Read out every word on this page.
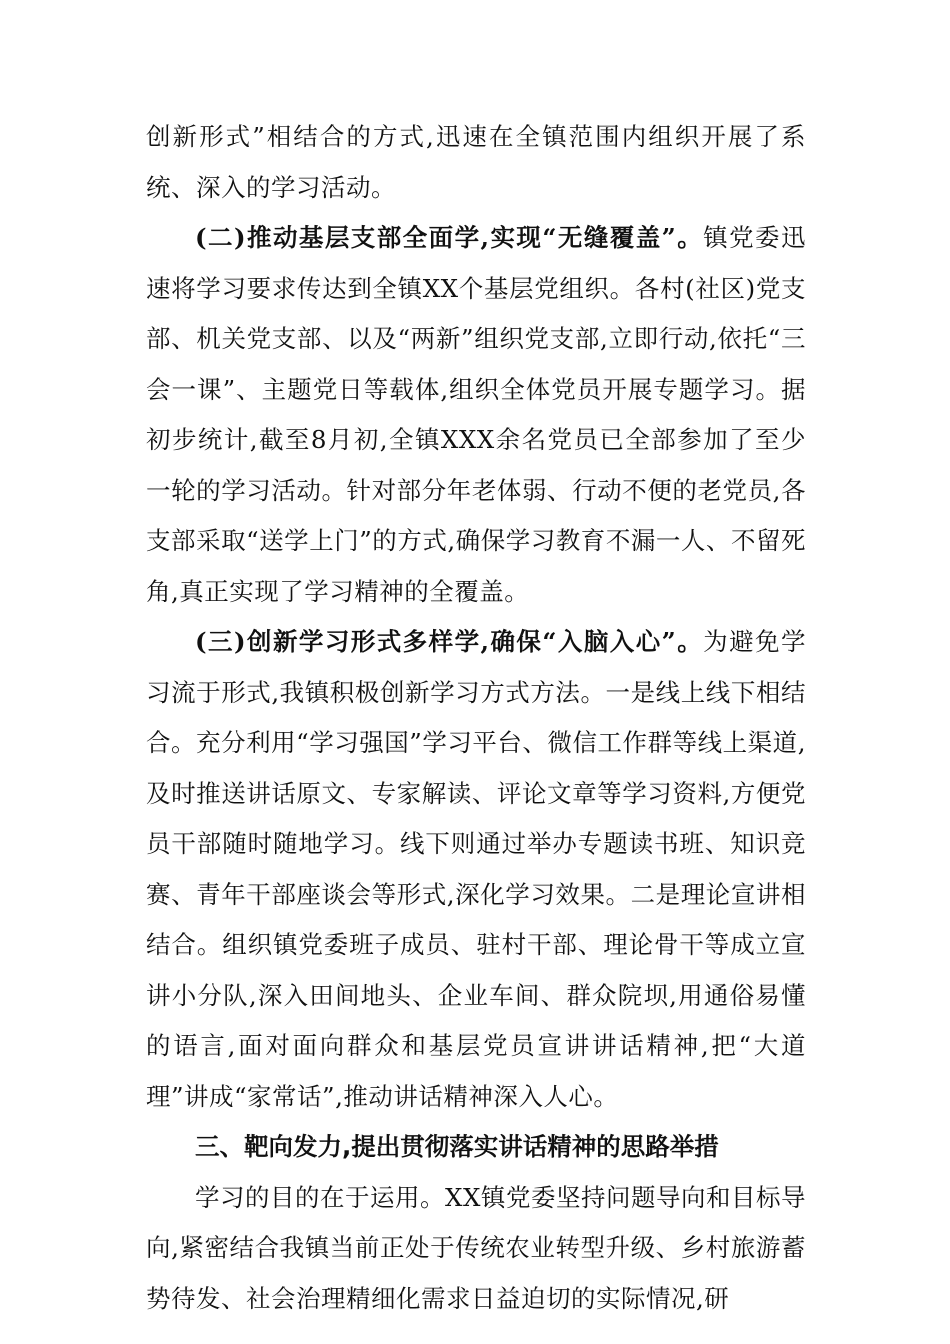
创新形式”相结合的方式,迅速在全镇范围内组织开展了系统、深入的学习活动。

(二)推动基层支部全面学,实现“无缝覆盖”。镇党委迅速将学习要求传达到全镇XX个基层党组织。各村(社区)党支部、机关党支部、以及“两新”组织党支部,立即行动,依托“三会一课”、主题党日等载体,组织全体党员开展专题学习。据初步统计,截至8月初,全镇XXX余名党员已全部参加了至少一轮的学习活动。针对部分年老体弱、行动不便的老党员,各支部采取“送学上门”的方式,确保学习教育不漏一人、不留死角,真正实现了学习精神的全覆盖。

(三)创新学习形式多样学,确保“入脑入心”。为避免学习流于形式,我镇积极创新学习方式方法。一是线上线下相结合。充分利用“学习强国”学习平台、微信工作群等线上渠道,及时推送讲话原文、专家解读、评论文章等学习资料,方便党员干部随时随地学习。线下则通过举办专题读书班、知识竞赛、青年干部座谈会等形式,深化学习效果。二是理论宣讲相结合。组织镇党委班子成员、驻村干部、理论骨干等成立宣讲小分队,深入田间地头、企业车间、群众院坝,用通俗易懂的语言,面对面向群众和基层党员宣讲讲话精神,把“大道理”讲成“家常话”,推动讲话精神深入人心。

三、靶向发力,提出贯彻落实讲话精神的思路举措

学习的目的在于运用。XX镇党委坚持问题导向和目标导向,紧密结合我镇当前正处于传统农业转型升级、乡村旅游蓄势待发、社会治理精细化需求日益迫切的实际情况,研
